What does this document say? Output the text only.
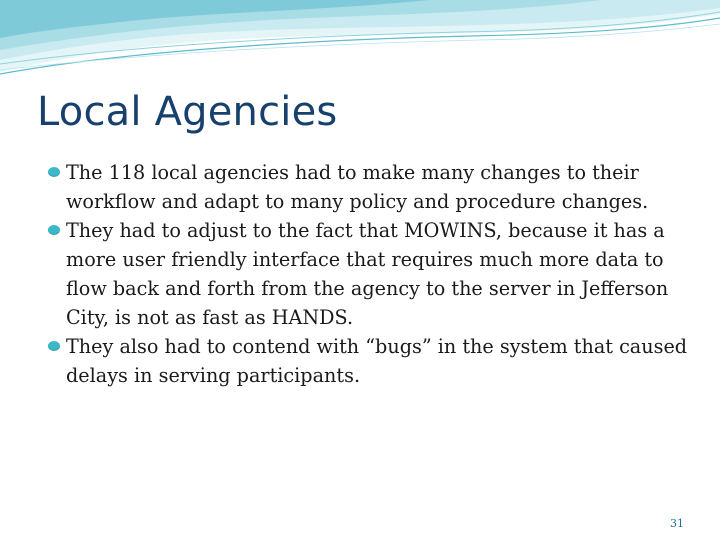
Local Agencies
The 118 local agencies had to make many changes to their workflow and adapt to many policy and procedure changes.
They had to adjust to the fact that MOWINS, because it has a more user friendly interface that requires much more data to flow back and forth from the agency to the server in Jefferson City, is not as fast as HANDS.
They also had to contend with “bugs” in the system that caused delays in serving participants.
31
